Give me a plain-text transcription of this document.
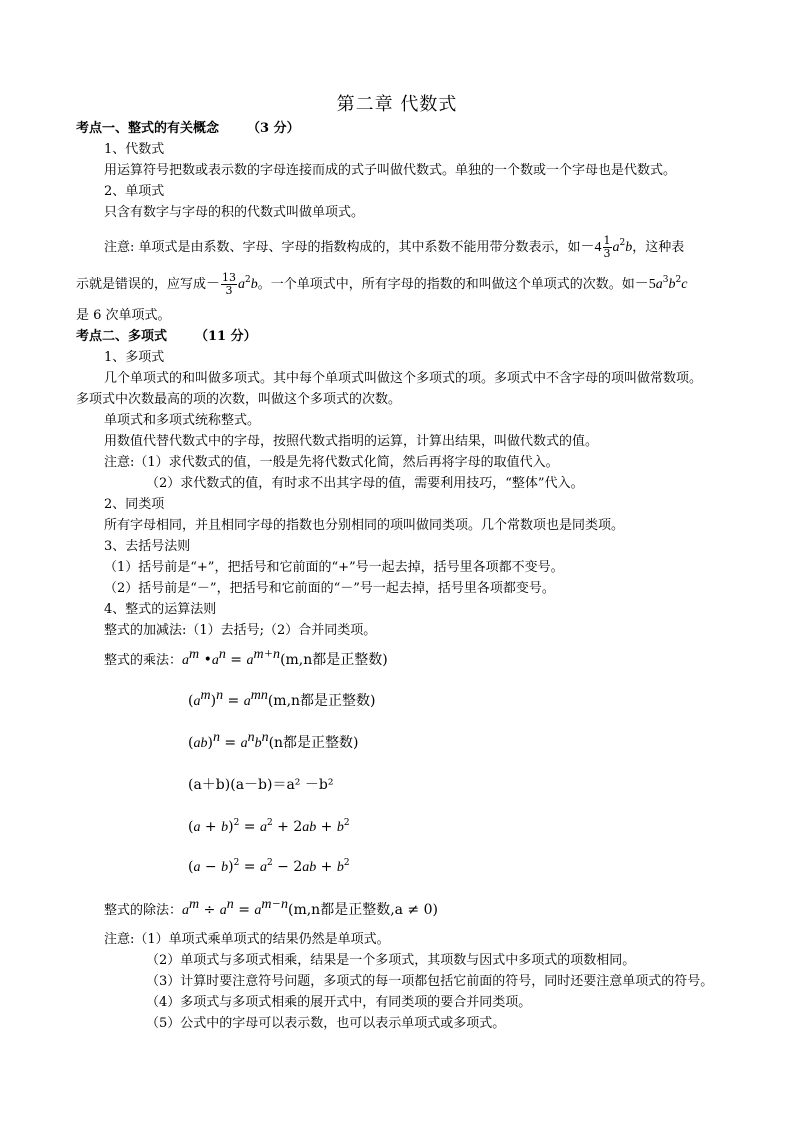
第二章 代数式
考点一、整式的有关概念 （3 分）
1、代数式
用运算符号把数或表示数的字母连接而成的式子叫做代数式。单独的一个数或一个字母也是代数式。
2、单项式
只含有数字与字母的积的代数式叫做单项式。
注意: 单项式是由系数、字母、字母的指数构成的，其中系数不能用带分数表示，如$-4 \frac{1}{3} a^2b$，这种表
示就是错误的，应写成－ $\frac{13}{3} a^2b$。一个单项式中，所有字母的指数的和叫做这个单项式的次数。如$-5a^3b^2c$
是 6 次单项式。
考点二、多项式 （11 分）
1、多项式
几个单项式的和叫做多项式。其中每个单项式叫做这个多项式的项。多项式中不含字母的项叫做常数项。
多项式中次数最高的项的次数，叫做这个多项式的次数。
单项式和多项式统称整式。
用数值代替代数式中的字母，按照代数式指明的运算，计算出结果，叫做代数式的值。
注意:（1）求代数式的值，一般是先将代数式化简，然后再将字母的取值代入。
（2）求代数式的值，有时求不出其字母的值，需要利用技巧，“整体”代入。
2、同类项
所有字母相同，并且相同字母的指数也分别相同的项叫做同类项。几个常数项也是同类项。
3、去括号法则
（1）括号前是“+”，把括号和它前面的“+”号一起去掉，括号里各项都不变号。
（2）括号前是“－”，把括号和它前面的“－”号一起去掉，括号里各项都变号。
4、整式的运算法则
整式的加减法:（1）去括号;（2）合并同类项。
整式的乘法：$a^m$ $•a^n = a^{m+n}(m,n$都是正整数)
$(a^m)^n = a^{mn}(m,n$都是正整数)
$(ab)^n = a^nb^n(n$都是正整数)
(a＋b)(a－b)＝a² －b²
$(a + b)^2 = a^2 + 2ab + b^2$
$(a - b)^2 = a^2 - 2ab + b^2$
整式的除法：$a^m \div a^n = a^{m-n}(m,n$都是正整数,a ≠ 0)
注意:（1）单项式乘单项式的结果仍然是单项式。
（2）单项式与多项式相乘，结果是一个多项式，其项数与因式中多项式的项数相同。
（3）计算时要注意符号问题，多项式的每一项都包括它前面的符号，同时还要注意单项式的符号。
（4）多项式与多项式相乘的展开式中，有同类项的要合并同类项。
（5）公式中的字母可以表示数，也可以表示单项式或多项式。
